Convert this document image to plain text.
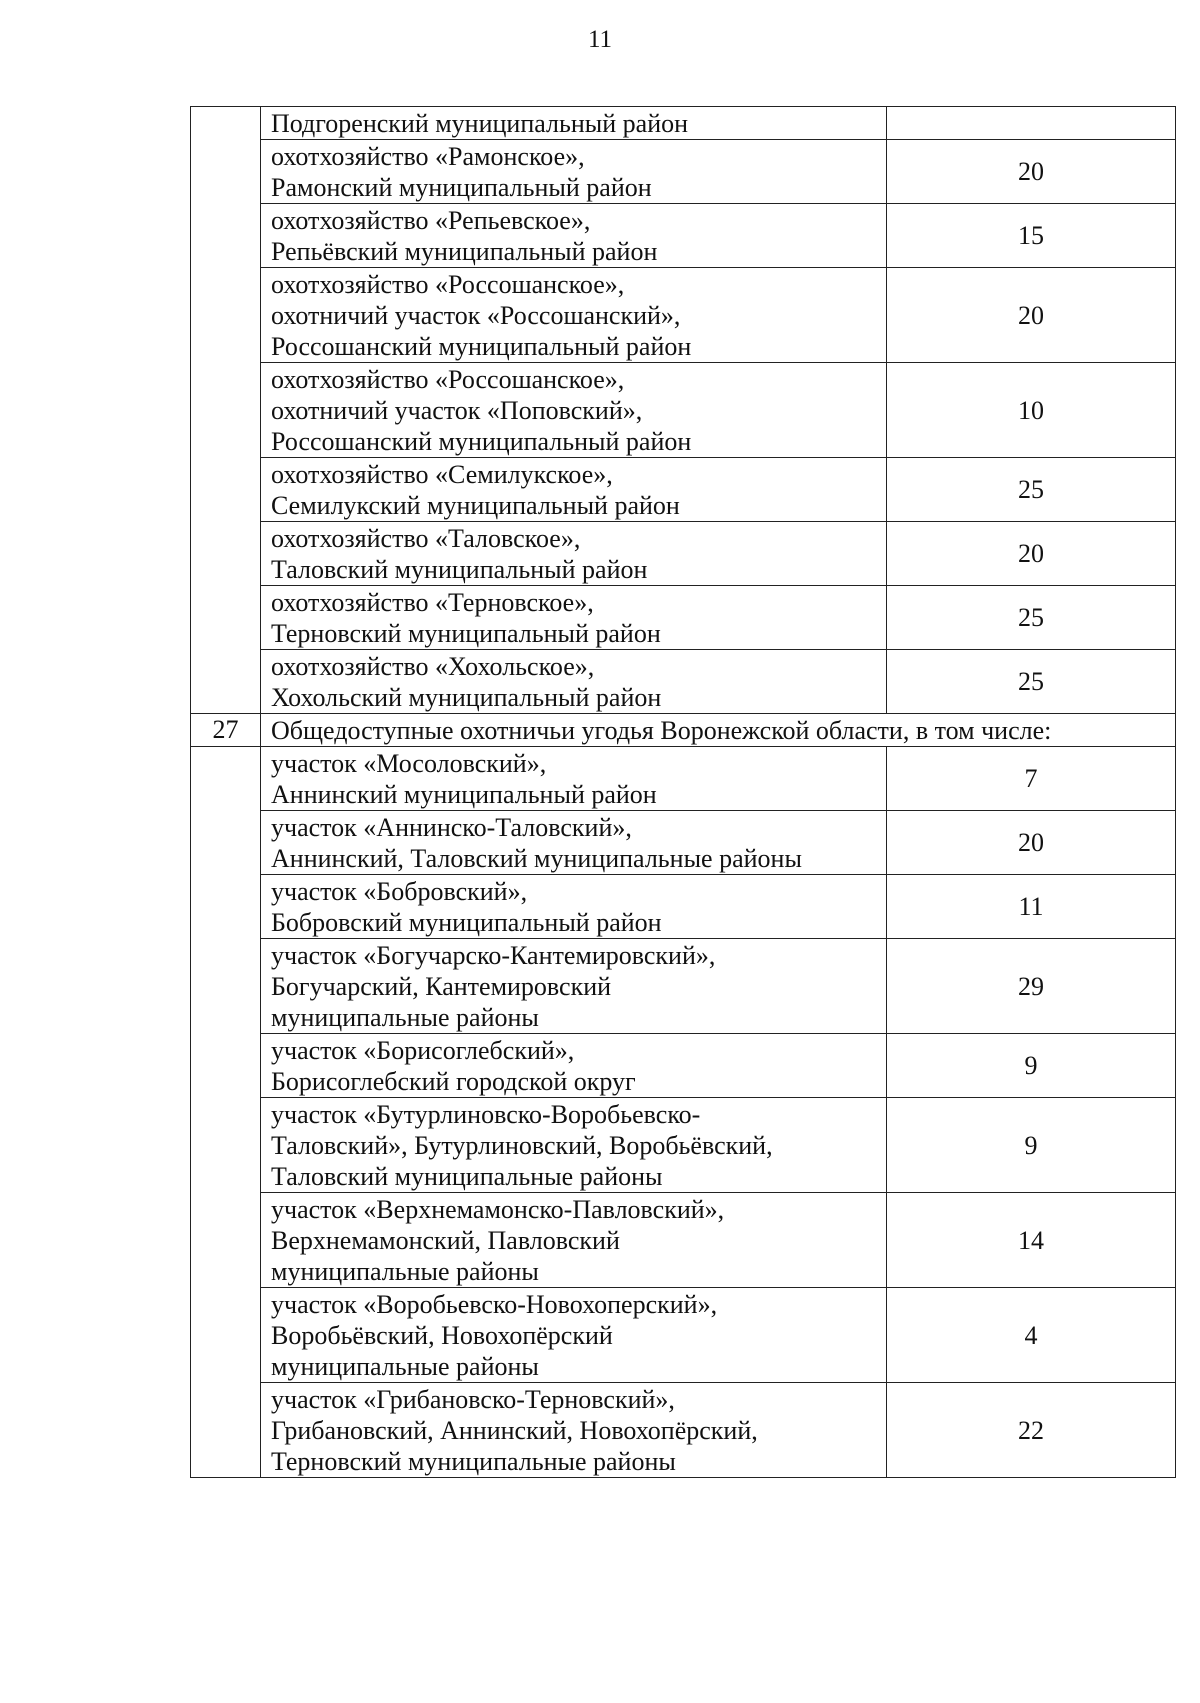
11

	Подгоренский муниципальный район	

	охотхозяйство «Рамонское»,
Рамонский муниципальный район	20

	охотхозяйство «Репьевское»,
Репьёвский муниципальный район	15

	охотхозяйство «Россошанское»,
охотничий участок «Россошанский»,
Россошанский муниципальный район	20

	охотхозяйство «Россошанское»,
охотничий участок «Поповский»,
Россошанский муниципальный район	10

	охотхозяйство «Семилукское»,
Семилукский муниципальный район	25

	охотхозяйство «Таловское»,
Таловский муниципальный район	20

	охотхозяйство «Терновское»,
Терновский муниципальный район	25

	охотхозяйство «Хохольское»,
Хохольский муниципальный район	25
27	Общедоступные охотничьи угодья Воронежской области, в том числе:	

	участок «Мосоловский»,
Аннинский муниципальный район	7

	участок «Аннинско-Таловский»,
Аннинский, Таловский муниципальные районы	20

	участок «Бобровский»,
Бобровский муниципальный район	11

	участок «Богучарско-Кантемировский»,
Богучарский, Кантемировский
муниципальные районы	29

	участок «Борисоглебский»,
Борисоглебский городской округ	9

	участок «Бутурлиновско-Воробьевско-
Таловский», Бутурлиновский, Воробьёвский,
Таловский муниципальные районы	9

	участок «Верхнемамонско-Павловский»,
Верхнемамонский, Павловский
муниципальные районы	14

	участок «Воробьевско-Новохоперский»,
Воробьёвский, Новохопёрский
муниципальные районы	4

	участок «Грибановско-Терновский»,
Грибановский, Аннинский, Новохопёрский,
Терновский муниципальные районы	22
